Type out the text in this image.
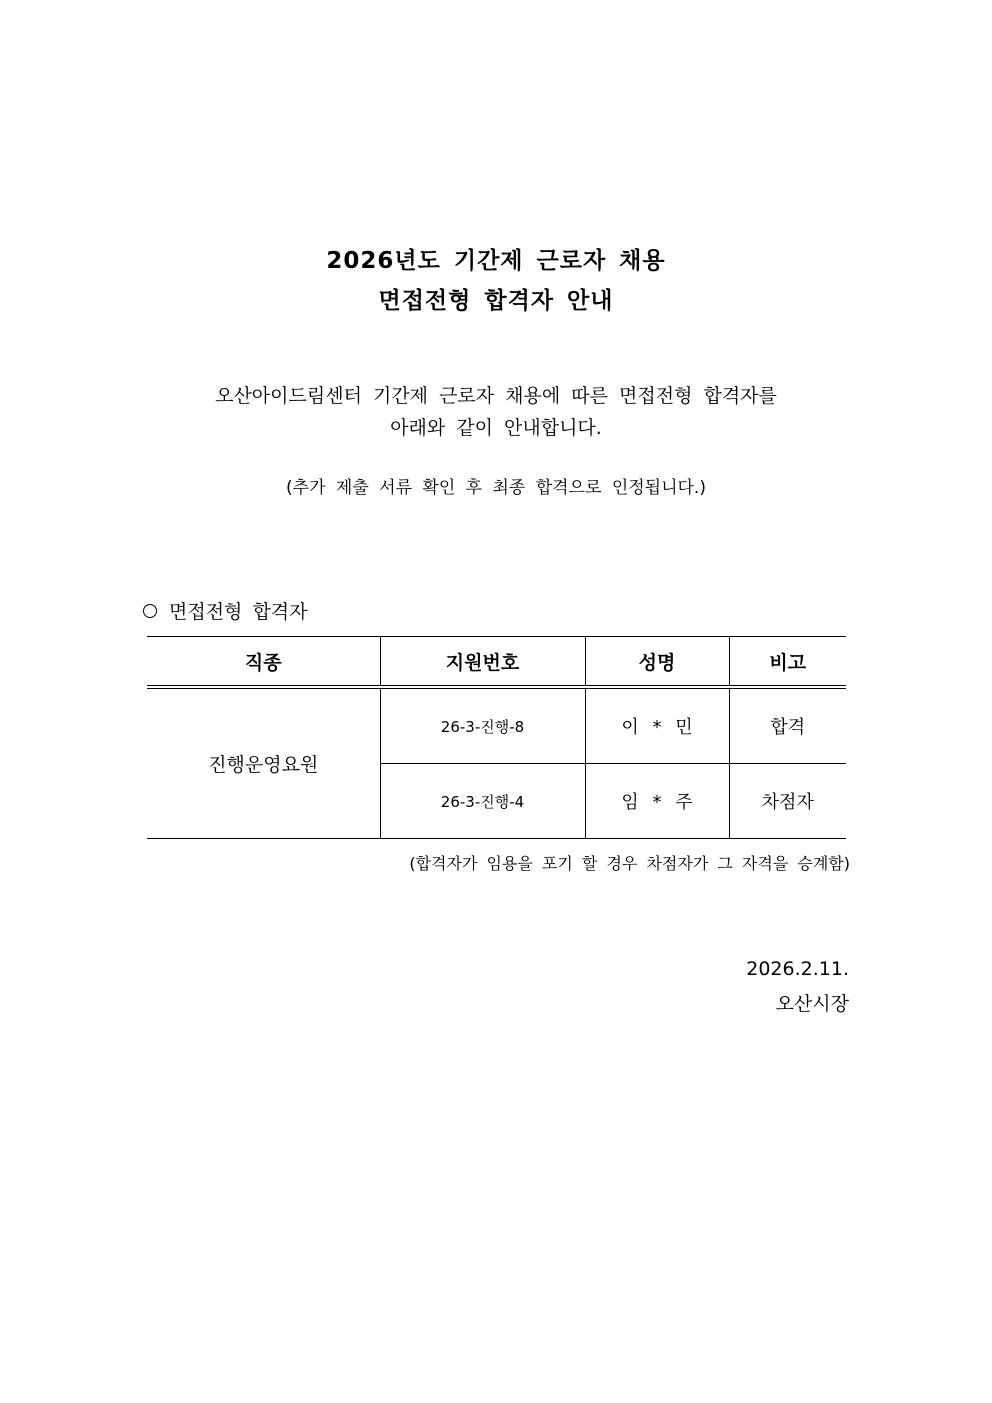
2026년도 기간제 근로자 채용
면접전형 합격자 안내
오산아이드림센터 기간제 근로자 채용에 따른 면접전형 합격자를
아래와 같이 안내합니다.
(추가 제출 서류 확인 후 최종 합격으로 인정됩니다.)
면접전형 합격자
직종	지원번호	성명	비고
진행운영요원	26-3-진행-8	이 * 민	합격
	26-3-진행-4	임 * 주	차점자
(합격자가 임용을 포기 할 경우 차점자가 그 자격을 승계함)
2026.2.11.
오산시장
